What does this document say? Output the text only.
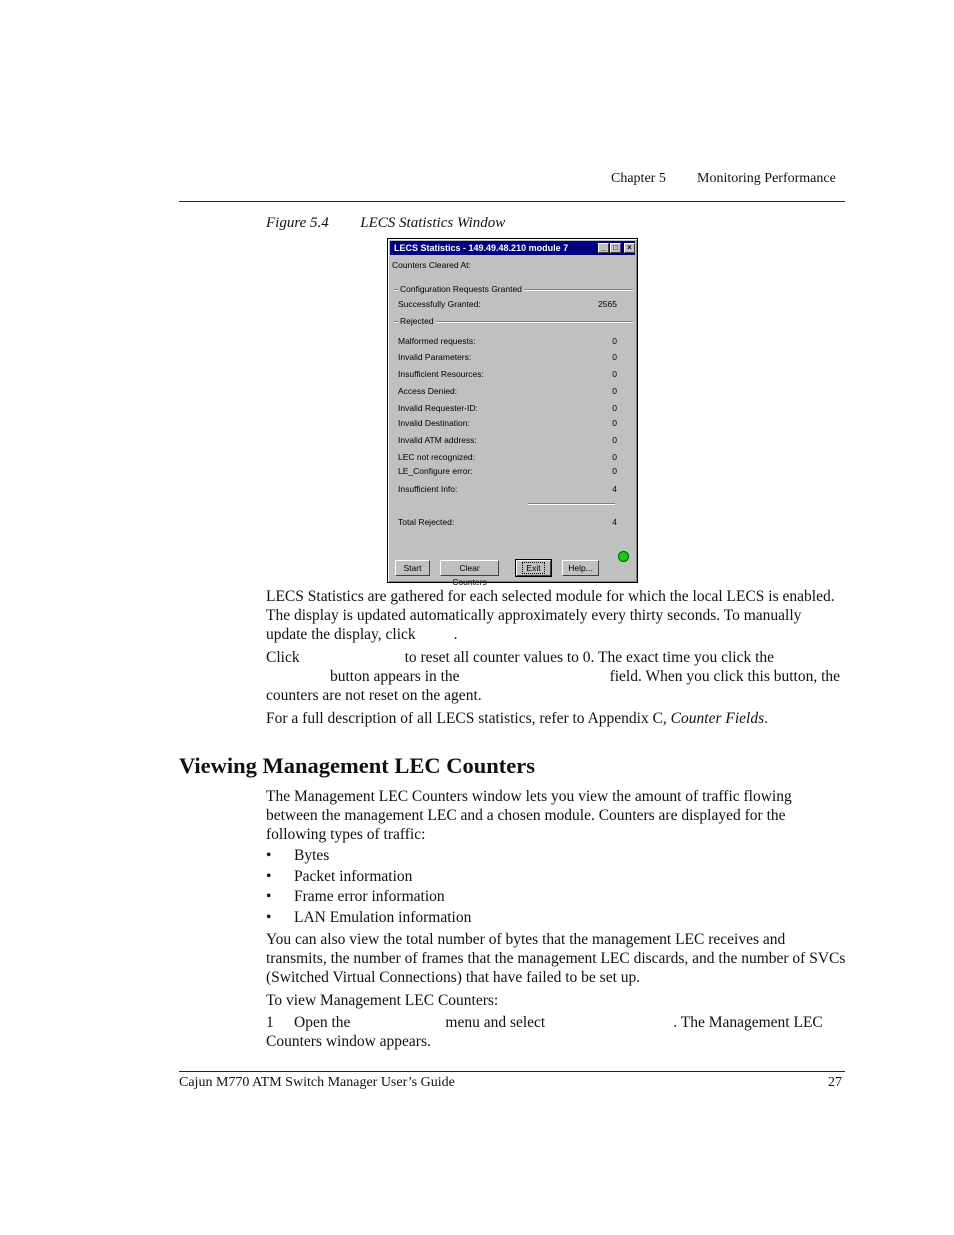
Chapter 5 Monitoring Performance
Figure 5.4 LECS Statistics Window
LECS Statistics - 149.49.48.210 module 7	_ □	×
Counters Cleared At:
Configuration Requests Granted
Successfully Granted:	2565
Rejected
Malformed requests:	0
Invalid Parameters:	0
Insufficient Resources:	0
Access Denied:	0
Invalid Requester-ID:	0
Invalid Destination:	0
Invalid ATM address:	0
LEC not recognized:	0
LE_Configure error:	0
Insufficient Info:	4
Total Rejected:	4
Start	Clear Counters
Exit	Help...

LECS Statistics are gathered for each selected module for which the local LECS is enabled. The display is updated automatically approximately every thirty seconds. To manually update the display, click .

Click	to reset all counter values to 0. The exact time you click the
button appears in the	field. When you click this button, the counters are not reset on the agent.

For a full description of all LECS statistics, refer to Appendix C, Counter Fields.

Viewing Management LEC Counters
The Management LEC Counters window lets you view the amount of traffic flowing between the management LEC and a chosen module. Counters are displayed for the following types of traffic:
• Bytes
• Packet information
• Frame error information
• LAN Emulation information
You can also view the total number of bytes that the management LEC receives and transmits, the number of frames that the management LEC discards, and the number of SVCs (Switched Virtual Connections) that have failed to be set up.
To view Management LEC Counters:

1 Open the	menu and select	. The Management LEC Counters window appears.

Cajun M770 ATM Switch Manager User’s Guide	27
